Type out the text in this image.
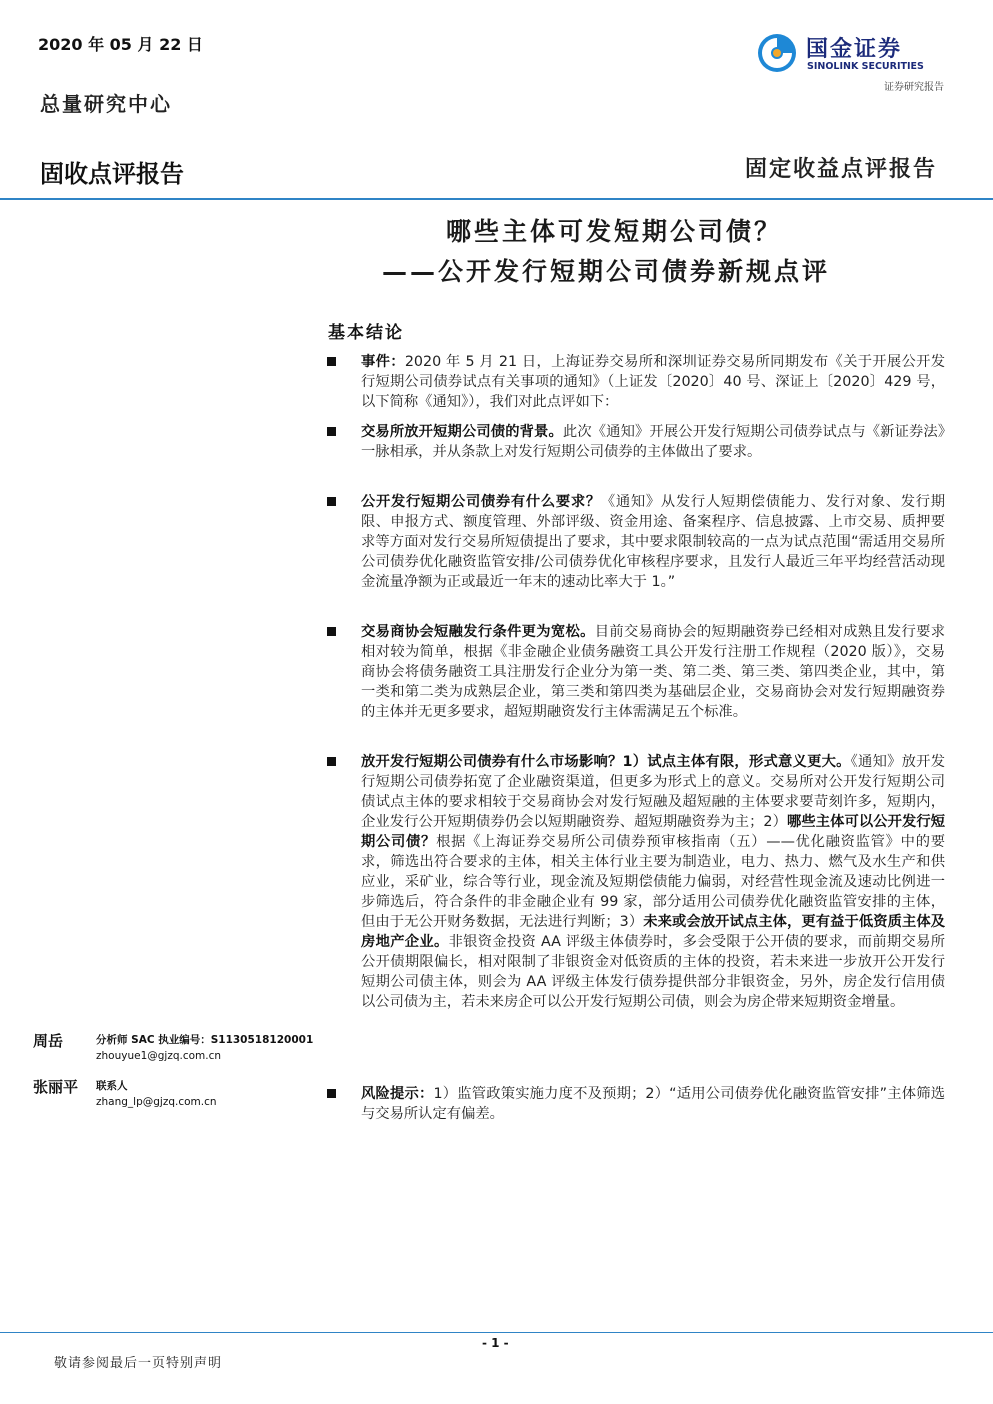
2020 年 05 月 22 日	国金证券
SINOLINK SECURITIES
证券研究报告
总量研究中心
固收点评报告	固定收益点评报告
哪些主体可发短期公司债？
——公开发行短期公司债券新规点评
基本结论
事件：2020 年 5 月 21 日，上海证券交易所和深圳证券交易所同期发布《关于开展公开发行短期公司债券试点有关事项的通知》（上证发〔2020〕40 号、深证上〔2020〕429 号，以下简称《通知》），我们对此点评如下：
交易所放开短期公司债的背景。此次《通知》开展公开发行短期公司债券试点与《新证券法》一脉相承，并从条款上对发行短期公司债券的主体做出了要求。
公开发行短期公司债券有什么要求？《通知》从发行人短期偿债能力、发行对象、发行期限、申报方式、额度管理、外部评级、资金用途、备案程序、信息披露、上市交易、质押要求等方面对发行交易所短债提出了要求，其中要求限制较高的一点为试点范围“需适用交易所公司债券优化融资监管安排/公司债券优化审核程序要求，且发行人最近三年平均经营活动现金流量净额为正或最近一年末的速动比率大于 1。”
交易商协会短融发行条件更为宽松。目前交易商协会的短期融资券已经相对成熟且发行要求相对较为简单，根据《非金融企业债务融资工具公开发行注册工作规程（2020 版）》，交易商协会将债务融资工具注册发行企业分为第一类、第二类、第三类、第四类企业，其中，第一类和第二类为成熟层企业，第三类和第四类为基础层企业，交易商协会对发行短期融资券的主体并无更多要求，超短期融资发行主体需满足五个标准。
放开发行短期公司债券有什么市场影响？1）试点主体有限，形式意义更大。《通知》放开发行短期公司债券拓宽了企业融资渠道，但更多为形式上的意义。交易所对公开发行短期公司债试点主体的要求相较于交易商协会对发行短融及超短融的主体要求要苛刻许多，短期内，企业发行公开短期债券仍会以短期融资券、超短期融资券为主；2）哪些主体可以公开发行短期公司债？根据《上海证券交易所公司债券预审核指南（五）——优化融资监管》中的要求，筛选出符合要求的主体，相关主体行业主要为制造业，电力、热力、燃气及水生产和供应业，采矿业，综合等行业，现金流及短期偿债能力偏弱，对经营性现金流及速动比例进一步筛选后，符合条件的非金融企业有 99 家，部分适用公司债券优化融资监管安排的主体，但由于无公开财务数据，无法进行判断；3）未来或会放开试点主体，更有益于低资质主体及房地产企业。非银资金投资 AA 评级主体债券时，多会受限于公开债的要求，而前期交易所公开债期限偏长，相对限制了非银资金对低资质的主体的投资，若未来进一步放开公开发行短期公司债主体，则会为 AA 评级主体发行债券提供部分非银资金，另外，房企发行信用债以公司债为主，若未来房企可以公开发行短期公司债，则会为房企带来短期资金增量。
风险提示：1）监管政策实施力度不及预期；2）“适用公司债券优化融资监管安排”主体筛选与交易所认定有偏差。
周岳	分析师 SAC 执业编号：S1130518120001
zhouyue1@gjzq.com.cn
张丽平 联系人
zhang_lp@gjzq.com.cn
- 1 -
敬请参阅最后一页特别声明
